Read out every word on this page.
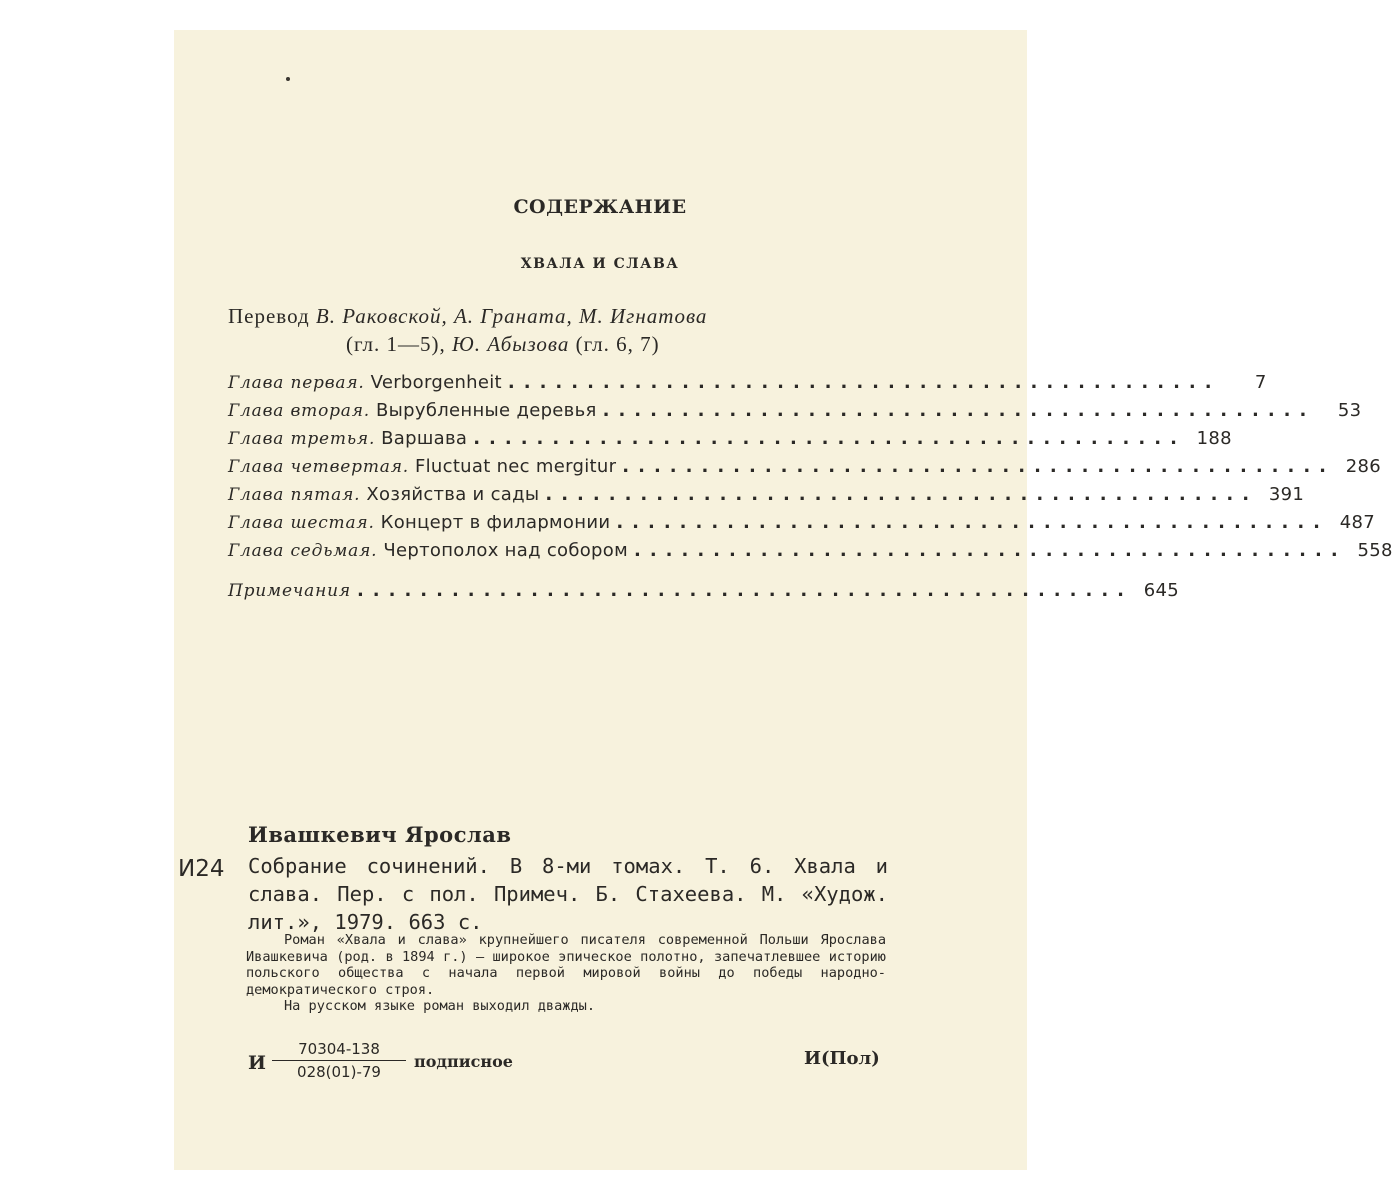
СОДЕРЖАНИЕ
ХВАЛА И СЛАВА
Перевод В. Раковской, А. Граната, М. Игнатова
(гл. 1—5), Ю. Абызова (гл. 6, 7)
Глава первая. Verborgenheit .............................................	7
Глава вторая. Вырубленные деревья .............................................	53
Глава третья. Варшава ............................................. 188
Глава четвертая. Fluctuat nec mergitur ............................................. 286
Глава пятая. Хозяйства и сады ............................................. 391
Глава шестая. Концерт в филармонии ............................................. 487
Глава седьмая. Чертополох над собором ............................................. 558
Примечания ................................................. 645
Ивашкевич Ярослав
И24 Собрание сочинений. В 8-ми томах. Т. 6. Хвала и слава. Пер. с пол. Примеч. Б. Стахеева. М. «Худож. лит.», 1979. 663 с.

Роман «Хвала и слава» крупнейшего писателя современной Польши Ярослава Ивашкевича (род. в 1894 г.) — широкое эпическое полотно, запечатлевшее историю польского общества с начала первой мировой войны до победы народно-демократического строя.

На русском языке роман выходил дважды.

И $\frac{70304-138}{028(01)-79}$ подписное	И(Пол)
